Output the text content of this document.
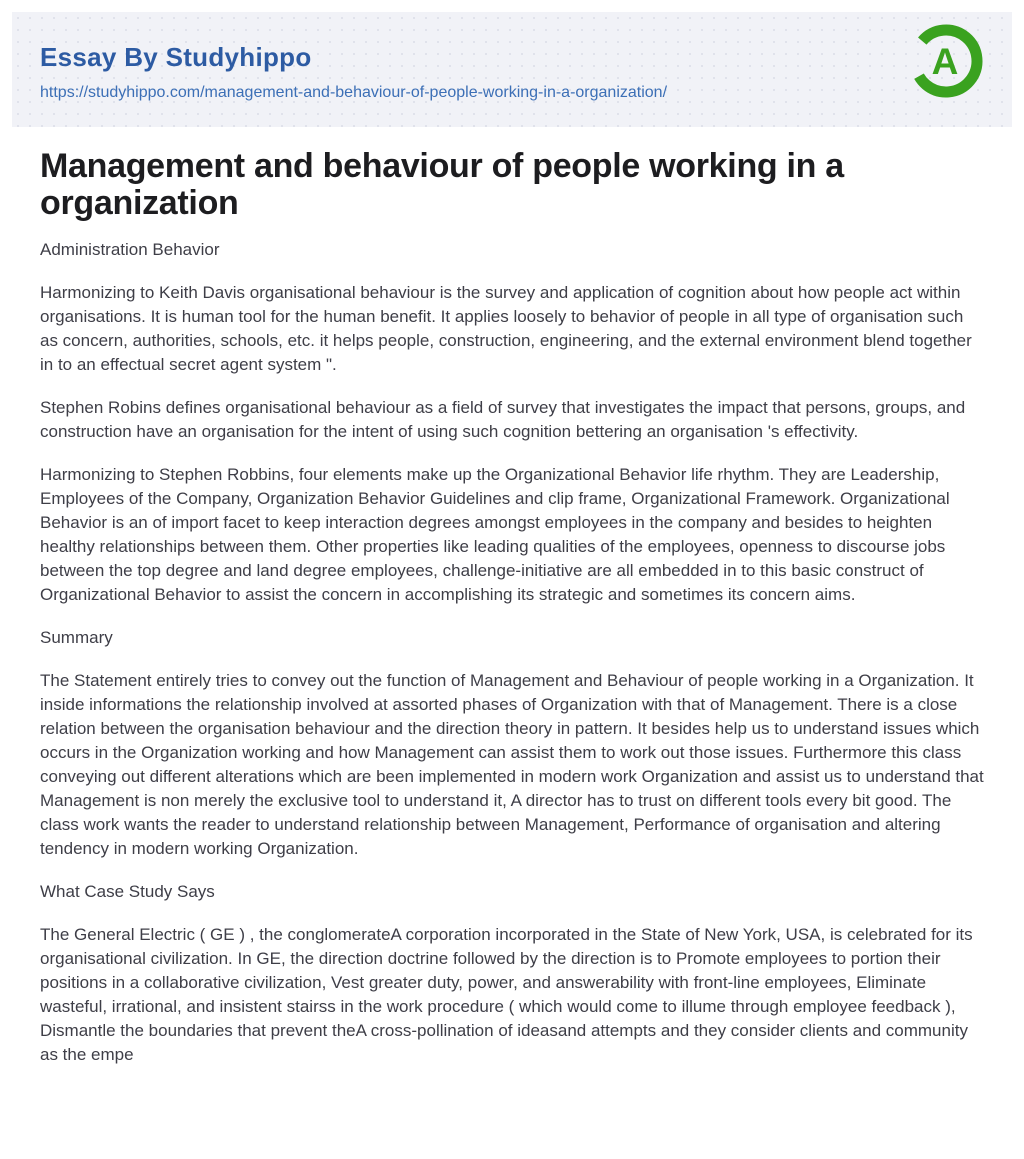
Essay By Studyhippo
https://studyhippo.com/management-and-behaviour-of-people-working-in-a-organization/
A
Management and behaviour of people working in a organization
Administration Behavior

Harmonizing to Keith Davis organisational behaviour is the survey and application of cognition about how people act within organisations. It is human tool for the human benefit. It applies loosely to behavior of people in all type of organisation such as concern, authorities, schools, etc. it helps people, construction, engineering, and the external environment blend together in to an effectual secret agent system ".

Stephen Robins defines organisational behaviour as a field of survey that investigates the impact that persons, groups, and construction have an organisation for the intent of using such cognition bettering an organisation 's effectivity.

Harmonizing to Stephen Robbins, four elements make up the Organizational Behavior life rhythm. They are Leadership, Employees of the Company, Organization Behavior Guidelines and clip frame, Organizational Framework. Organizational Behavior is an of import facet to keep interaction degrees amongst employees in the company and besides to heighten healthy relationships between them. Other properties like leading qualities of the employees, openness to discourse jobs between the top degree and land degree employees, challenge-initiative are all embedded in to this basic construct of Organizational Behavior to assist the concern in accomplishing its strategic and sometimes its concern aims.

Summary

The Statement entirely tries to convey out the function of Management and Behaviour of people working in a Organization. It inside informations the relationship involved at assorted phases of Organization with that of Management. There is a close relation between the organisation behaviour and the direction theory in pattern. It besides help us to understand issues which occurs in the Organization working and how Management can assist them to work out those issues. Furthermore this class conveying out different alterations which are been implemented in modern work Organization and assist us to understand that Management is non merely the exclusive tool to understand it, A director has to trust on different tools every bit good. The class work wants the reader to understand relationship between Management, Performance of organisation and altering tendency in modern working Organization.

What Case Study Says

The General Electric ( GE ) , the conglomerateA corporation incorporated in the State of New York, USA, is celebrated for its organisational civilization. In GE, the direction doctrine followed by the direction is to Promote employees to portion their positions in a collaborative civilization, Vest greater duty, power, and answerability with front-line employees, Eliminate wasteful, irrational, and insistent stairss in the work procedure ( which would come to illume through employee feedback ), Dismantle the boundaries that prevent theA cross-pollination of ideasand attempts and they consider clients and community as the empe
